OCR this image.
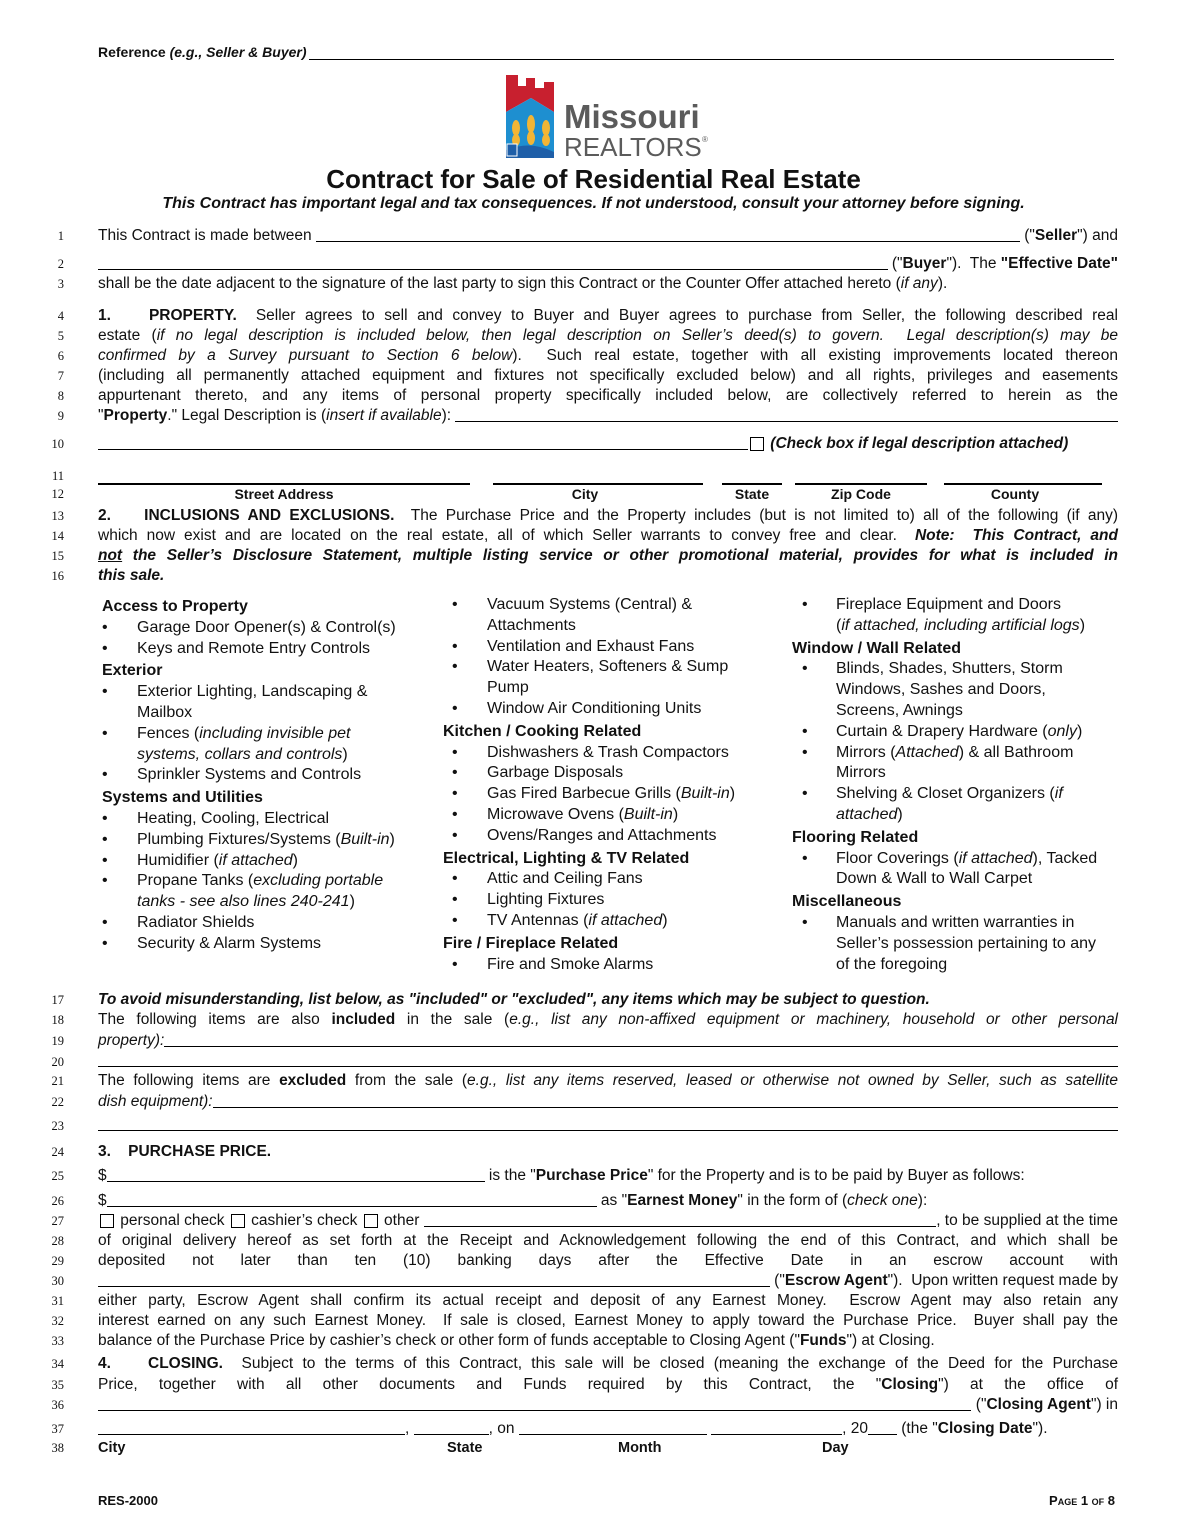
Reference (e.g., Seller & Buyer)
Missouri
REALTORS ®
Contract for Sale of Residential Real Estate
This Contract has important legal and tax consequences. If not understood, consult your attorney before signing.
1 This Contract is made between	(" Seller ") and
2	(" Buyer ").  The "Effective Date"
3 shall be the date adjacent to the signature of the last party to sign this Contract or the Counter Offer attached hereto (if any).
4 1.    PROPERTY.  Seller agrees to sell and convey to Buyer and Buyer agrees to purchase from Seller, the following described real
5 estate (if no legal description is included below, then legal description on Seller’s deed(s) to govern.  Legal description(s) may be
6 confirmed by a Survey pursuant to Section 6 below).  Such real estate, together with all existing improvements located thereon
7 (including all permanently attached equipment and fixtures not specifically excluded below) and all rights, privileges and easements
8 appurtenant thereto, and any items of personal property specifically included below, are collectively referred to herein as the
9 " Property ." Legal Description is ( insert if available ):
10	(Check box if legal description attached)
11
12
13 2.    INCLUSIONS AND EXCLUSIONS.  The Purchase Price and the Property includes (but is not limited to) all of the following (if any)
14 which now exist and are located on the real estate, all of which Seller warrants to convey free and clear.  Note:  This Contract, and
15 not the Seller’s Disclosure Statement, multiple listing service or other promotional material, provides for what is included in
16 this sale.
17 To avoid misunderstanding, list below, as "included" or "excluded", any items which may be subject to question.
18 The following items are also included in the sale (e.g., list any non-affixed equipment or machinery, household or other personal
19 property):
20
21 The following items are excluded from the sale (e.g., list any items reserved, leased or otherwise not owned by Seller, such as satellite
22 dish equipment):
23
24 3.    PURCHASE PRICE.
25 $	is the " Purchase Price " for the Property and is to be paid by Buyer as follows:
26 $	as " Earnest Money " in the form of ( check one ):
27	personal check cashier’s check other	, to be supplied at the time
28 of original delivery hereof as set forth at the Receipt and Acknowledgement following the end of this Contract, and which shall be
29 deposited not later than ten (10) banking days after the Effective Date in an escrow account with
30	(" Escrow Agent ").  Upon written request made by
31 either party, Escrow Agent shall confirm its actual receipt and deposit of any Earnest Money.  Escrow Agent may also retain any
32 interest earned on any such Earnest Money.  If sale is closed, Earnest Money to apply toward the Purchase Price.  Buyer shall pay the
33 balance of the Purchase Price by cashier’s check or other form of funds acceptable to Closing Agent ("Funds") at Closing.
34 4.    CLOSING.  Subject to the terms of this Contract, this sale will be closed (meaning the exchange of the Deed for the Purchase
35 Price, together with all other documents and Funds required by this Contract, the "Closing") at the office of
36	(" Closing Agent ") in
37	,	, on
	, 20 (the " Closing Date ").
38
Street Address	City	State	Zip Code	County
Access to Property
• Garage Door Opener(s) & Control(s)
• Keys and Remote Entry Controls
Exterior
• Exterior Lighting, Landscaping &
Mailbox
• Fences (including invisible pet
systems, collars and controls)
• Sprinkler Systems and Controls
Systems and Utilities
• Heating, Cooling, Electrical
• Plumbing Fixtures/Systems (Built-in)
• Humidifier (if attached)
• Propane Tanks (excluding portable
tanks - see also lines 240-241)
• Radiator Shields
• Security & Alarm Systems
• Vacuum Systems (Central) &
Attachments
• Ventilation and Exhaust Fans
• Water Heaters, Softeners & Sump
Pump
• Window Air Conditioning Units
Kitchen / Cooking Related
• Dishwashers & Trash Compactors
• Garbage Disposals
• Gas Fired Barbecue Grills (Built-in)
• Microwave Ovens (Built-in)
• Ovens/Ranges and Attachments
Electrical, Lighting & TV Related
• Attic and Ceiling Fans
• Lighting Fixtures
• TV Antennas (if attached)
Fire / Fireplace Related
• Fire and Smoke Alarms
• Fireplace Equipment and Doors
(if attached, including artificial logs)
Window / Wall Related
• Blinds, Shades, Shutters, Storm
Windows, Sashes and Doors,
Screens, Awnings
• Curtain & Drapery Hardware (only)
• Mirrors (Attached) & all Bathroom
Mirrors
• Shelving & Closet Organizers (if
attached)
Flooring Related
• Floor Coverings (if attached), Tacked
Down & Wall to Wall Carpet
Miscellaneous
• Manuals and written warranties in
Seller’s possession pertaining to any
of the foregoing
City	State	Month	Day
RES-2000	Page 1 of 8
